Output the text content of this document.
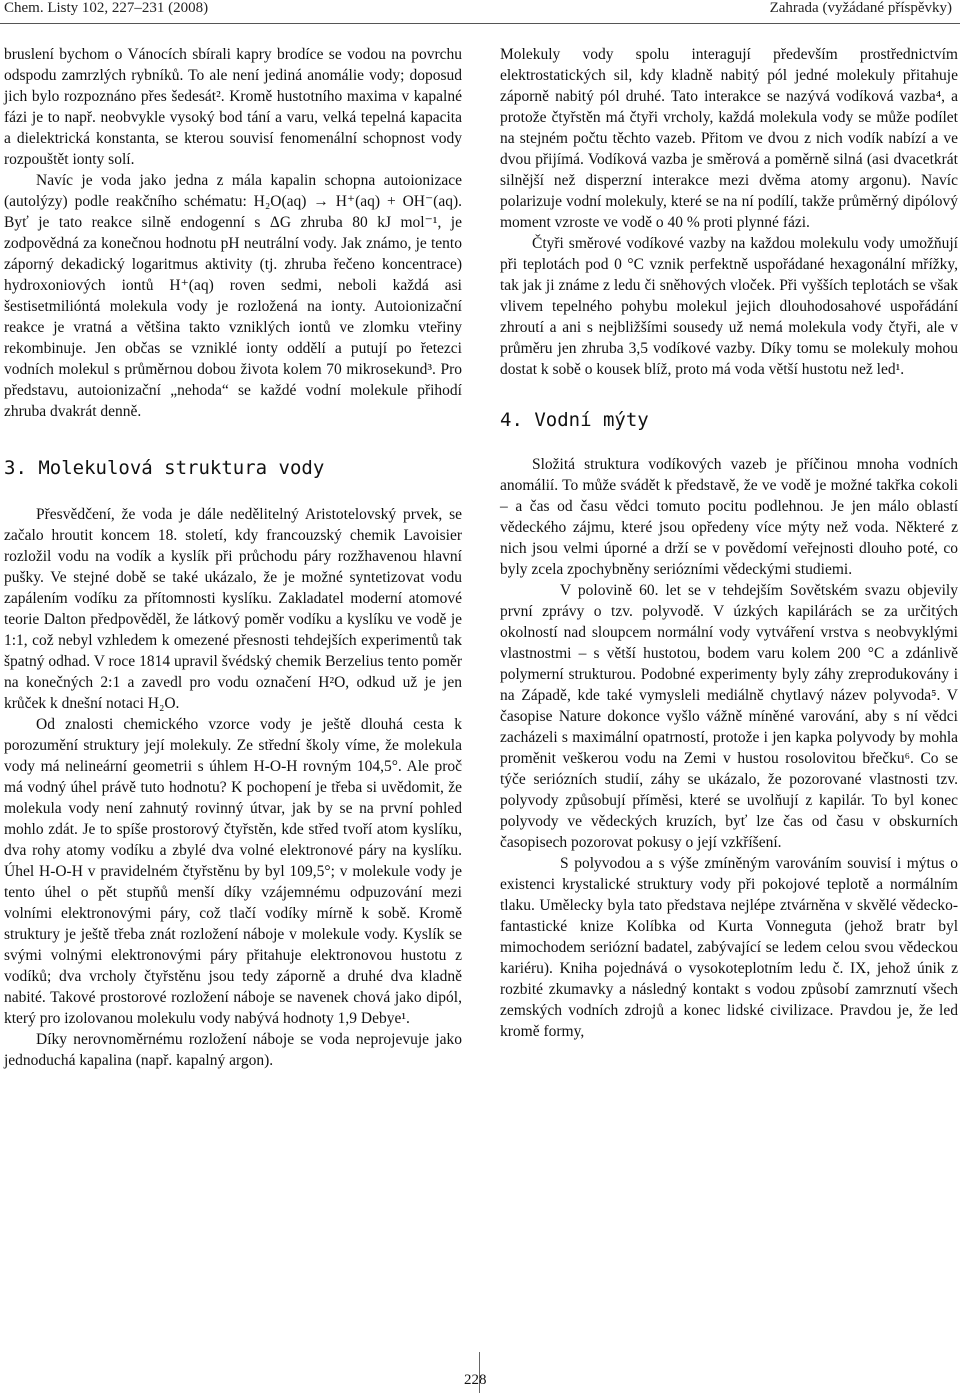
Chem. Listy 102, 227–231 (2008)	Zahrada (vyžádané příspěvky)

bruslení bychom o Vánocích sbírali kapry brodíce se vodou na povrchu odspodu zamrzlých rybníků. To ale není jediná anomálie vody; doposud jich bylo rozpoznáno přes šedesát². Kromě hustotního maxima v kapalné fázi je to např. neobvykle vysoký bod tání a varu, velká tepelná kapacita a dielektrická konstanta, se kterou souvisí fenomenální schopnost vody rozpouštět ionty solí.

Navíc je voda jako jedna z mála kapalin schopna autoionizace (autolýzy) podle reakčního schématu: H₂O(aq) → H⁺(aq) + OH⁻(aq). Byť je tato reakce silně endogenní s ΔG zhruba 80 kJ mol⁻¹, je zodpovědná za konečnou hodnotu pH neutrální vody. Jak známo, je tento záporný dekadický logaritmus aktivity (tj. zhruba řečeno koncentrace) hydroxoniových iontů H⁺(aq) roven sedmi, neboli každá asi šestisetmilióntá molekula vody je rozložená na ionty. Autoionizační reakce je vratná a většina takto vzniklých iontů ve zlomku vteřiny rekombinuje. Jen občas se vzniklé ionty oddělí a putují po řetezci vodních molekul s průměrnou dobou života kolem 70 mikrosekund³. Pro představu, autoionizační „nehoda“ se každé vodní molekule přihodí zhruba dvakrát denně.

3. Molekulová struktura vody

Přesvědčení, že voda je dále nedělitelný Aristotelovský prvek, se začalo hroutit koncem 18. století, kdy francouzský chemik Lavoisier rozložil vodu na vodík a kyslík při průchodu páry rozžhavenou hlavní pušky. Ve stejné době se také ukázalo, že je možné syntetizovat vodu zapálením vodíku za přítomnosti kyslíku. Zakladatel moderní atomové teorie Dalton předpověděl, že látkový poměr vodíku a kyslíku ve vodě je 1:1, což nebyl vzhledem k omezené přesnosti tehdejších experimentů tak špatný odhad. V roce 1814 upravil švédský chemik Berzelius tento poměr na konečných 2:1 a zavedl pro vodu označení H²O, odkud už je jen krůček k dnešní notaci H₂O.

Od znalosti chemického vzorce vody je ještě dlouhá cesta k porozumění struktury její molekuly. Ze střední školy víme, že molekula vody má nelineární geometrii s úhlem H-O-H rovným 104,5°. Ale proč má vodný úhel právě tuto hodnotu? K pochopení je třeba si uvědomit, že molekula vody není zahnutý rovinný útvar, jak by se na první pohled mohlo zdát. Je to spíše prostorový čtyřstěn, kde střed tvoří atom kyslíku, dva rohy atomy vodíku a zbylé dva volné elektronové páry na kyslíku. Úhel H-O-H v pravidelném čtyřstěnu by byl 109,5°; v molekule vody je tento úhel o pět stupňů menší díky vzájemnému odpuzování mezi volními elektronovými páry, což tlačí vodíky mírně k sobě. Kromě struktury je ještě třeba znát rozložení náboje v molekule vody. Kyslík se svými volnými elektronovými páry přitahuje elektronovou hustotu z vodíků; dva vrcholy čtyřstěnu jsou tedy záporně a druhé dva kladně nabité. Takové prostorové rozložení náboje se navenek chová jako dipól, který pro izolovanou molekulu vody nabývá hodnoty 1,9 Debye¹.

Díky nerovnoměrnému rozložení náboje se voda neprojevuje jako jednoduchá kapalina (např. kapalný argon).

Molekuly vody spolu interagují především prostřednictvím elektrostatických sil, kdy kladně nabitý pól jedné molekuly přitahuje záporně nabitý pól druhé. Tato interakce se nazývá vodíková vazba⁴, a protože čtyřstěn má čtyři vrcholy, každá molekula vody se může podílet na stejném počtu těchto vazeb. Přitom ve dvou z nich vodík nabízí a ve dvou přijímá. Vodíková vazba je směrová a poměrně silná (asi dvacetkrát silnější než disperzní interakce mezi dvěma atomy argonu). Navíc polarizuje vodní molekuly, které se na ní podílí, takže průměrný dipólový moment vzroste ve vodě o 40 % proti plynné fázi.

Čtyři směrové vodíkové vazby na každou molekulu vody umožňují při teplotách pod 0 °C vznik perfektně uspořádané hexagonální mřížky, tak jak ji známe z ledu či sněhových vloček. Při vyšších teplotách se však vlivem tepelného pohybu molekul jejich dlouhodosahové uspořádání zhroutí a ani s nejbližšími sousedy už nemá molekula vody čtyři, ale v průměru jen zhruba 3,5 vodíkové vazby. Díky tomu se molekuly mohou dostat k sobě o kousek blíž, proto má voda větší hustotu než led¹.

4. Vodní mýty

Složitá struktura vodíkových vazeb je příčinou mnoha vodních anomálií. To může svádět k představě, že ve vodě je možné takřka cokoli – a čas od času vědci tomuto pocitu podlehnou. Je jen málo oblastí vědeckého zájmu, které jsou opředeny více mýty než voda. Některé z nich jsou velmi úporné a drží se v povědomí veřejnosti dlouho poté, co byly zcela zpochybněny seriózními vědeckými studiemi.

V polovině 60. let se v tehdejším Sovětském svazu objevily první zprávy o tzv. polyvodě. V úzkých kapilárách se za určitých okolností nad sloupcem normální vody vytváření vrstva s neobvyklými vlastnostmi – s větší hustotou, bodem varu kolem 200 °C a zdánlivě polymerní strukturou. Podobné experimenty byly záhy zreprodukovány i na Západě, kde také vymysleli mediálně chytlavý název polyvoda⁵. V časopise Nature dokonce vyšlo vážně míněné varování, aby s ní vědci zacházeli s maximální opatrností, protože i jen kapka polyvody by mohla proměnit veškerou vodu na Zemi v hustou rosolovitou břečku⁶. Co se týče seriózních studií, záhy se ukázalo, že pozorované vlastnosti tzv. polyvody způsobují příměsi, které se uvolňují z kapilár. To byl konec polyvody ve vědeckých kruzích, byť lze čas od času v obskurních časopisech pozorovat pokusy o její vzkříšení.

S polyvodou a s výše zmíněným varováním souvisí i mýtus o existenci krystalické struktury vody při pokojové teplotě a normálním tlaku. Umělecky byla tato představa nejlépe ztvárněna v skvělé vědecko-fantastické knize Kolíbka od Kurta Vonneguta (jehož bratr byl mimochodem seriózní badatel, zabývající se ledem celou svou vědeckou kariéru). Kniha pojednává o vysokoteplotním ledu č. IX, jehož únik z rozbité zkumavky a následný kontakt s vodou způsobí zamrznutí všech zemských vodních zdrojů a konec lidské civilizace. Pravdou je, že led kromě formy,

228
